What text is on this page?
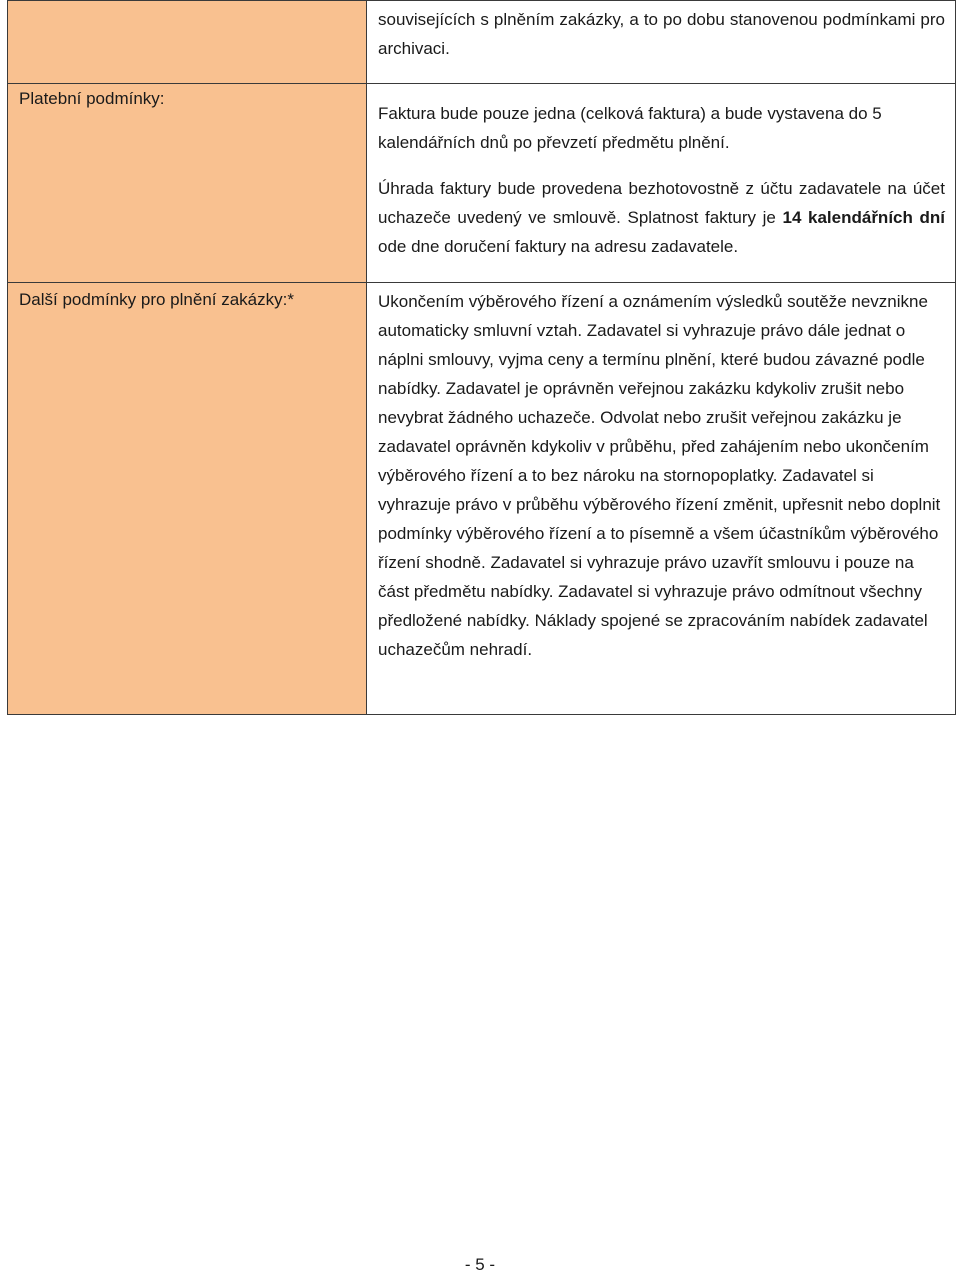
	souvisejících s plněním zakázky, a to po dobu stanovenou podmínkami pro archivaci.

Platební podmínky:	Faktura bude pouze jedna (celková faktura) a bude vystavena do 5 kalendářních dnů po převzetí předmětu plnění.

Úhrada faktury bude provedena bezhotovostně z účtu zadavatele na účet uchazeče uvedený ve smlouvě. Splatnost faktury je 14 kalendářních dní ode dne doručení faktury na adresu zadavatele.

Další podmínky pro plnění zakázky:*	Ukončením výběrového řízení a oznámením výsledků soutěže nevznikne automaticky smluvní vztah. Zadavatel si vyhrazuje právo dále jednat o náplni smlouvy, vyjma ceny a termínu plnění, které budou závazné podle nabídky. Zadavatel je oprávněn veřejnou zakázku kdykoliv zrušit nebo nevybrat žádného uchazeče. Odvolat nebo zrušit veřejnou zakázku je zadavatel oprávněn kdykoliv v průběhu, před zahájením nebo ukončením výběrového řízení a to bez nároku na stornopoplatky. Zadavatel si vyhrazuje právo v průběhu výběrového řízení změnit, upřesnit nebo doplnit podmínky výběrového řízení a to písemně a všem účastníkům výběrového řízení shodně. Zadavatel si vyhrazuje právo uzavřít smlouvu i pouze na část předmětu nabídky. Zadavatel si vyhrazuje právo odmítnout všechny předložené nabídky. Náklady spojené se zpracováním nabídek zadavatel uchazečům nehradí.

- 5 -
